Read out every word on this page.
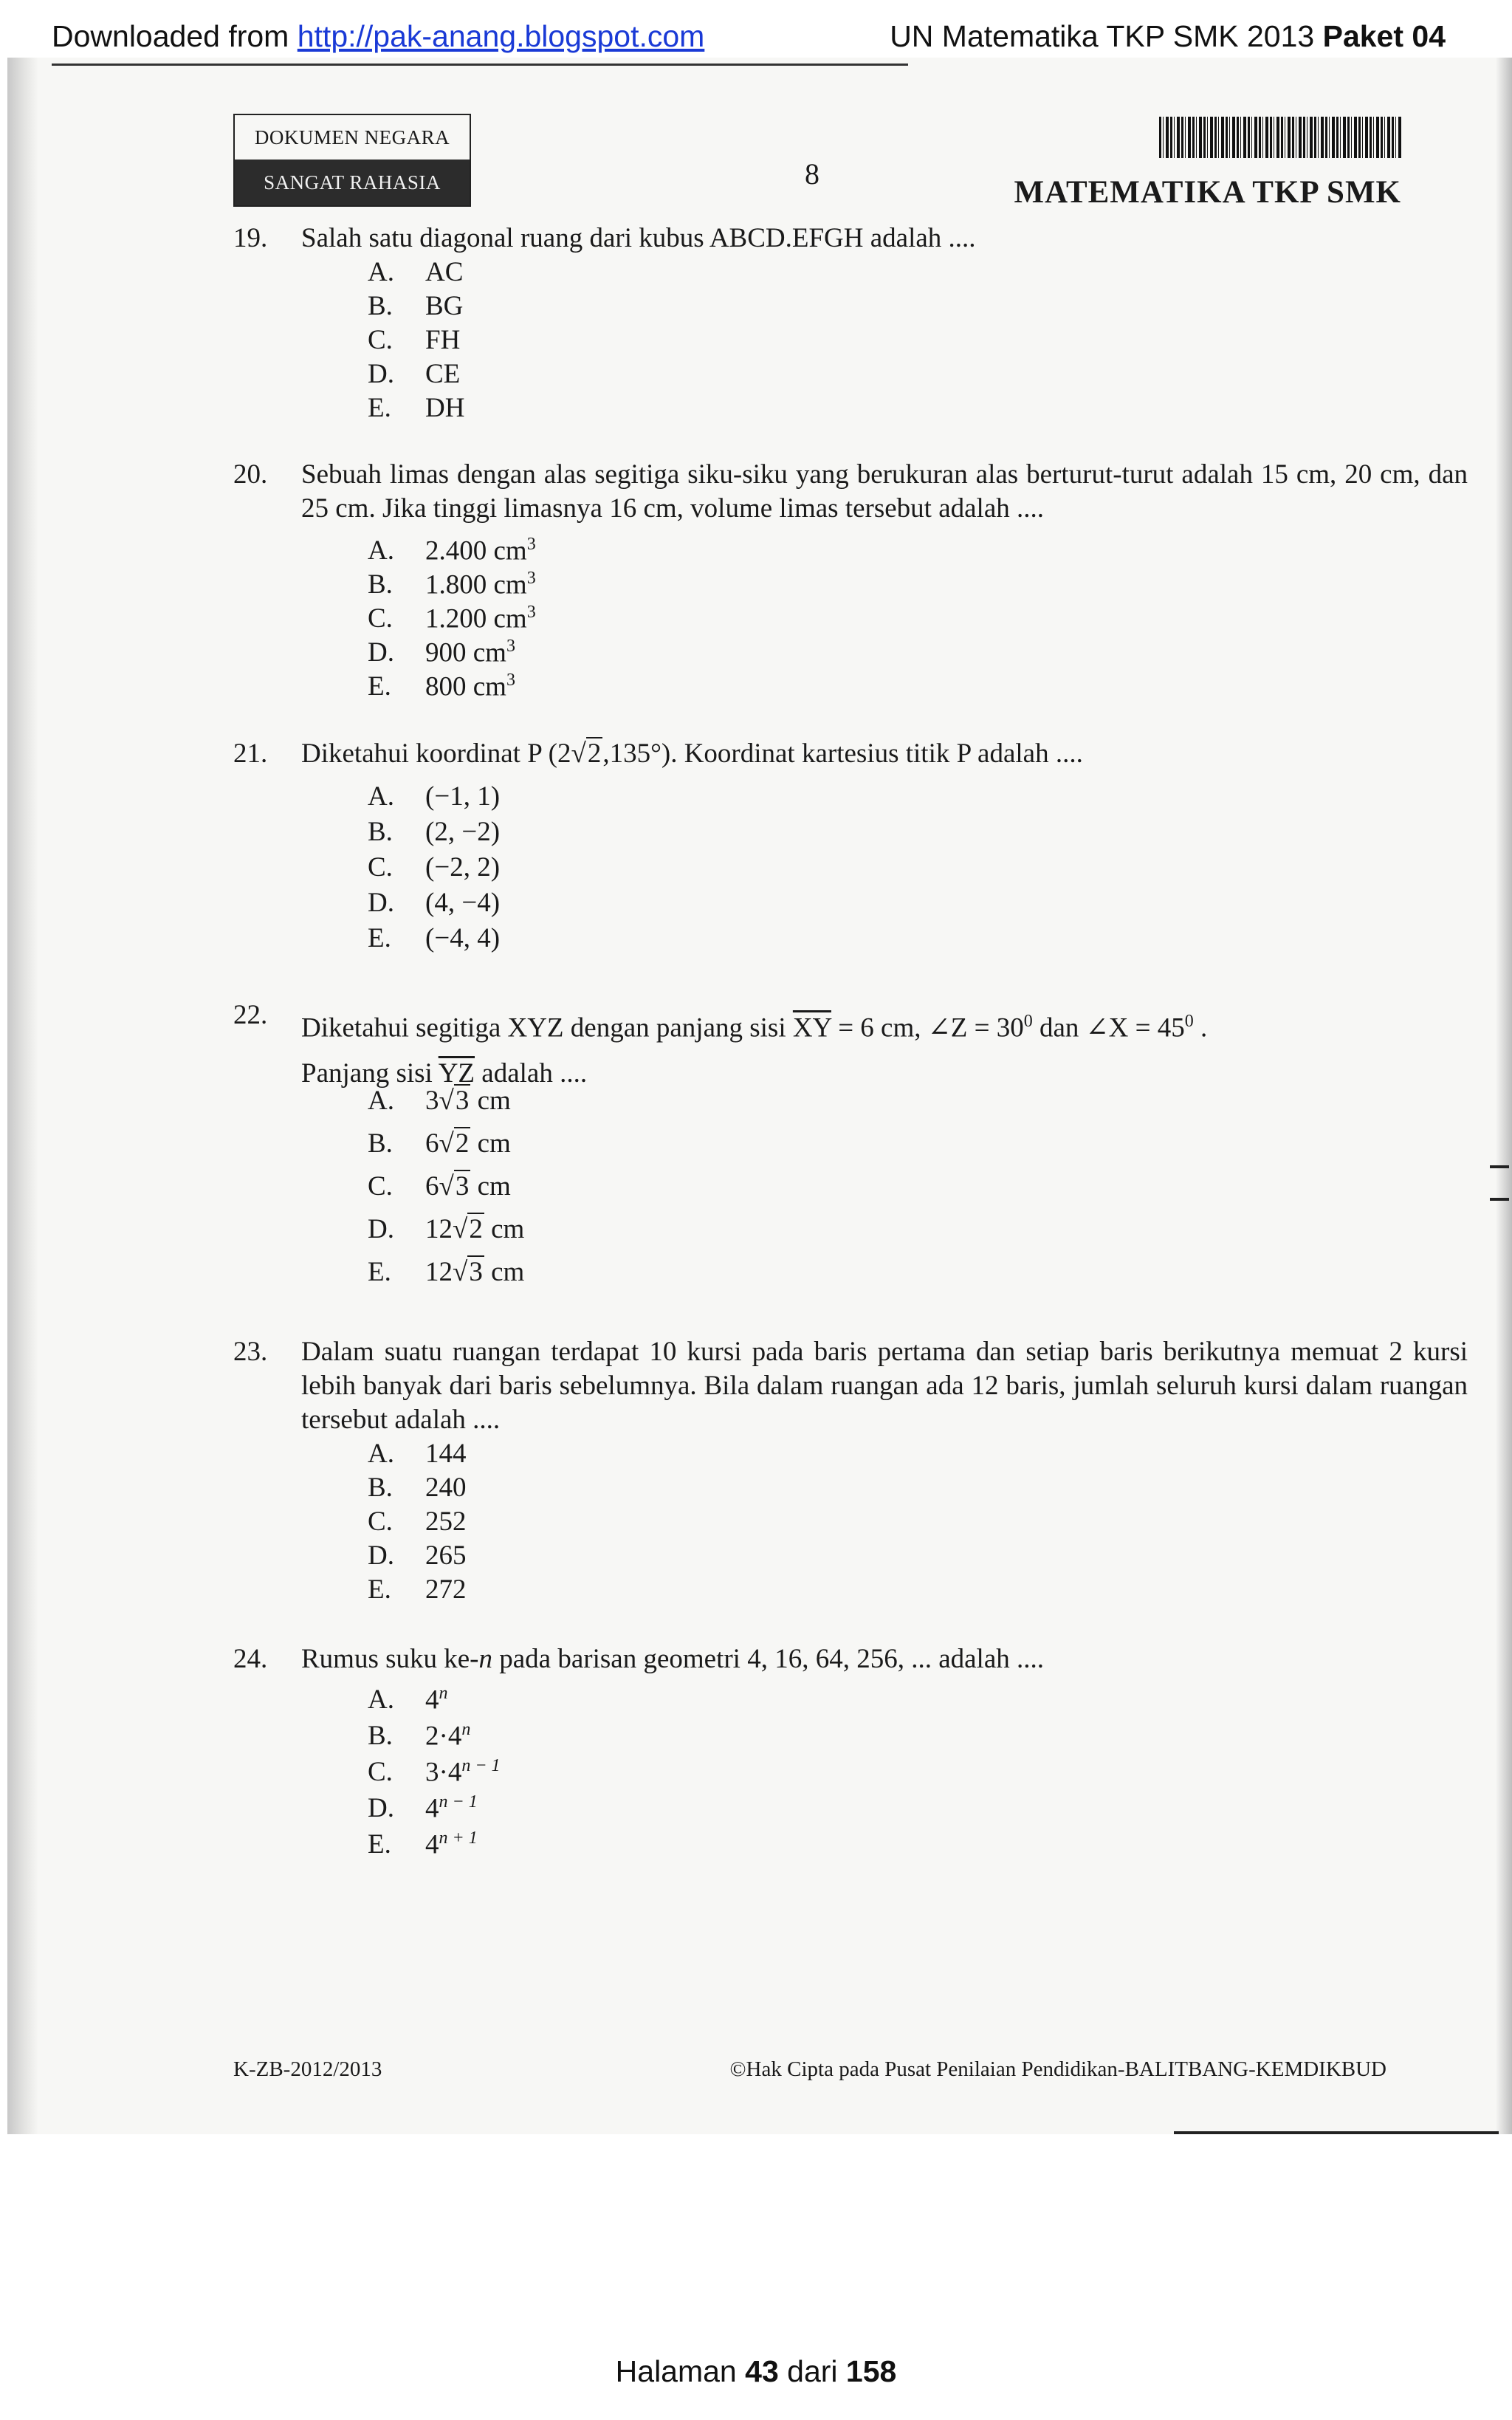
Downloaded from http://pak-anang.blogspot.com	UN Matematika TKP SMK 2013 Paket 04
DOKUMEN NEGARA
SANGAT RAHASIA	8
MATEMATIKA TKP SMK
19. Salah satu diagonal ruang dari kubus ABCD.EFGH adalah ....
A. AC
B. BG
C. FH
D. CE
E. DH
20. Sebuah limas dengan alas segitiga siku-siku yang berukuran alas berturut-turut adalah 15 cm, 20 cm, dan 25 cm. Jika tinggi limasnya 16 cm, volume limas tersebut adalah ....
A. 2.400 $cm^3$
B. 1.800 $cm^3$
C. 1.200 $cm^3$
D. 900 $cm^3$
E. 800 $cm^3$
21. Diketahui koordinat P (2√2,135°). Koordinat kartesius titik P adalah ....
A. (−1, 1)
B. (2, −2)
C. (−2, 2)
D. (4, −4)
E. (−4, 4)
22. Diketahui segitiga XYZ dengan panjang sisi $\overline{XY} = 6$ cm, ∠Z = $30^0$ dan ∠X = $45^0$ .
Panjang sisi $\overline{YZ}$ adalah ....
A. 3√3 cm
B. 6√2 cm
C. 6√3 cm
D. 12√2 cm
E. 12√3 cm
23. Dalam suatu ruangan terdapat 10 kursi pada baris pertama dan setiap baris berikutnya memuat 2 kursi lebih banyak dari baris sebelumnya. Bila dalam ruangan ada 12 baris, jumlah seluruh kursi dalam ruangan tersebut adalah ....
A. 144
B. 240
C. 252
D. 265
E. 272
24. Rumus suku ke-n pada barisan geometri 4, 16, 64, 256, ... adalah ....
A. 4$^n$
B. $2\cdot 4^n$
C. $3\cdot 4^{n - 1}$
D. $4^{n - 1}$
E. $4^{n + 1}$
K-ZB-2012/2013	©Hak Cipta pada Pusat Penilaian Pendidikan-BALITBANG-KEMDIKBUD
Halaman 43 dari 158
